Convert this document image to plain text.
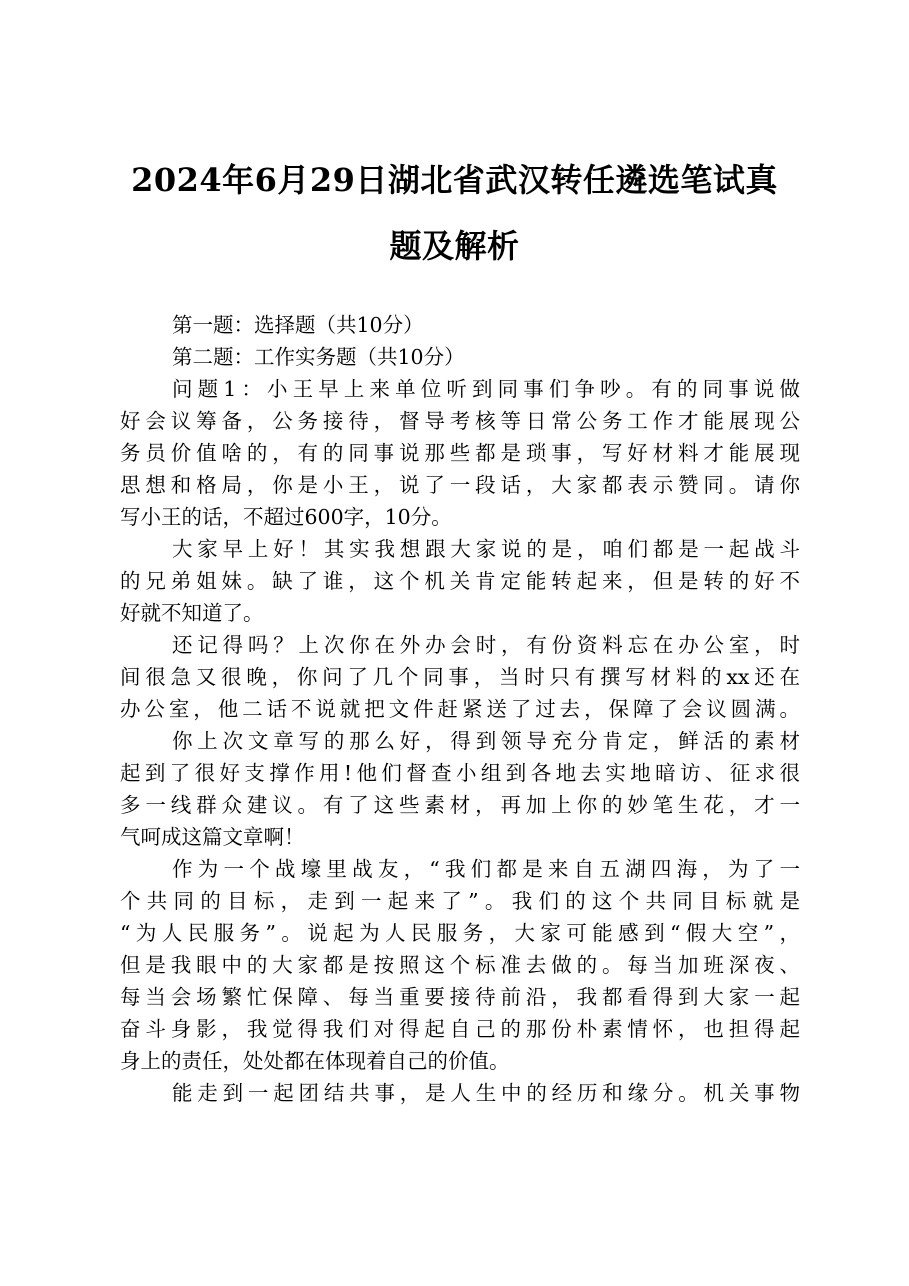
2024年6月29日湖北省武汉转任遴选笔试真
题及解析
第一题：选择题（共10分）
第二题：工作实务题（共10分）
问题1：小王早上来单位听到同事们争吵。有的同事说做
好会议筹备，公务接待，督导考核等日常公务工作才能展现公
务员价值啥的，有的同事说那些都是琐事，写好材料才能展现
思想和格局，你是小王，说了一段话，大家都表示赞同。请你
写小王的话，不超过600字，10分。
大家早上好！其实我想跟大家说的是，咱们都是一起战斗
的兄弟姐妹。缺了谁，这个机关肯定能转起来，但是转的好不
好就不知道了。
还记得吗？上次你在外办会时，有份资料忘在办公室，时
间很急又很晚，你问了几个同事，当时只有撰写材料的xx还在
办公室，他二话不说就把文件赶紧送了过去，保障了会议圆满。
你上次文章写的那么好，得到领导充分肯定，鲜活的素材
起到了很好支撑作用!他们督查小组到各地去实地暗访、征求很
多一线群众建议。有了这些素材，再加上你的妙笔生花，才一
气呵成这篇文章啊！
作为一个战壕里战友，“我们都是来自五湖四海，为了一
个共同的目标，走到一起来了”。我们的这个共同目标就是
“为人民服务”。说起为人民服务，大家可能感到“假大空”，
但是我眼中的大家都是按照这个标准去做的。每当加班深夜、
每当会场繁忙保障、每当重要接待前沿，我都看得到大家一起
奋斗身影，我觉得我们对得起自己的那份朴素情怀，也担得起
身上的责任，处处都在体现着自己的价值。
能走到一起团结共事，是人生中的经历和缘分。机关事物
